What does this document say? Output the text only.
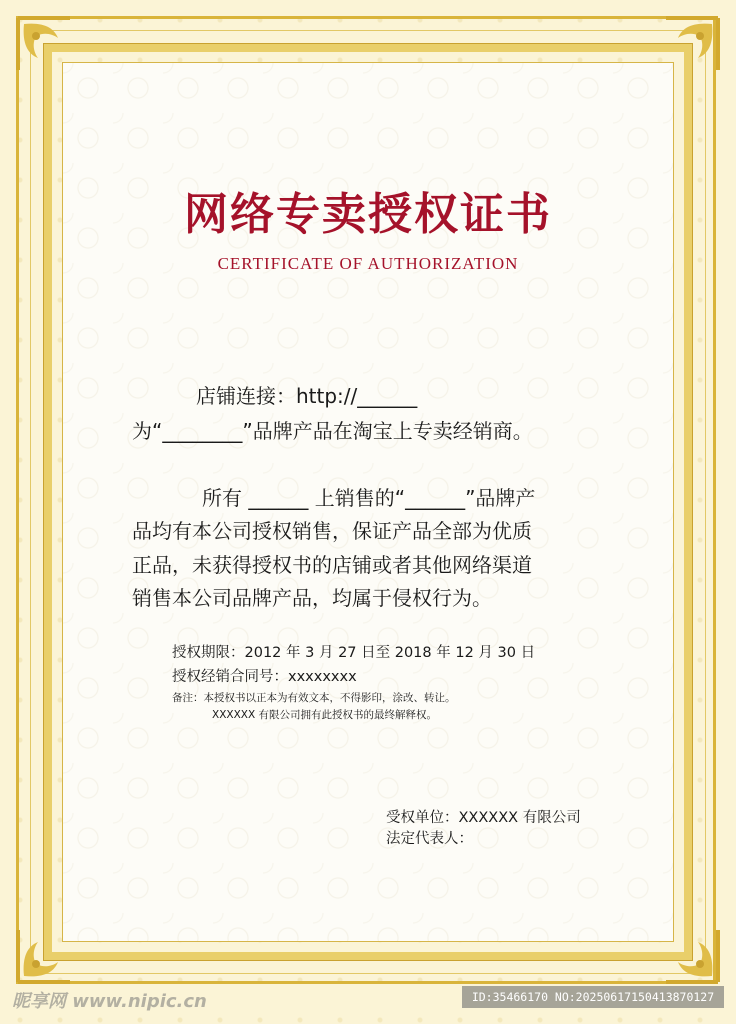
网络专卖授权证书
CERTIFICATE OF AUTHORIZATION
店铺连接：http://______
为“________”品牌产品在淘宝上专卖经销商。
所有 ______ 上销售的“______”品牌产
品均有本公司授权销售，保证产品全部为优质
正品，未获得授权书的店铺或者其他网络渠道
销售本公司品牌产品，均属于侵权行为。
授权期限：2012 年 3 月 27 日至 2018 年 12 月 30 日
授权经销合同号：xxxxxxxx
备注：本授权书以正本为有效文本，不得影印，涂改、转让。
XXXXXX 有限公司拥有此授权书的最终解释权。
受权单位：XXXXXX 有限公司
法定代表人：
昵享网 www.nipic.cn	ID:35466170 NO:20250617150413870127
